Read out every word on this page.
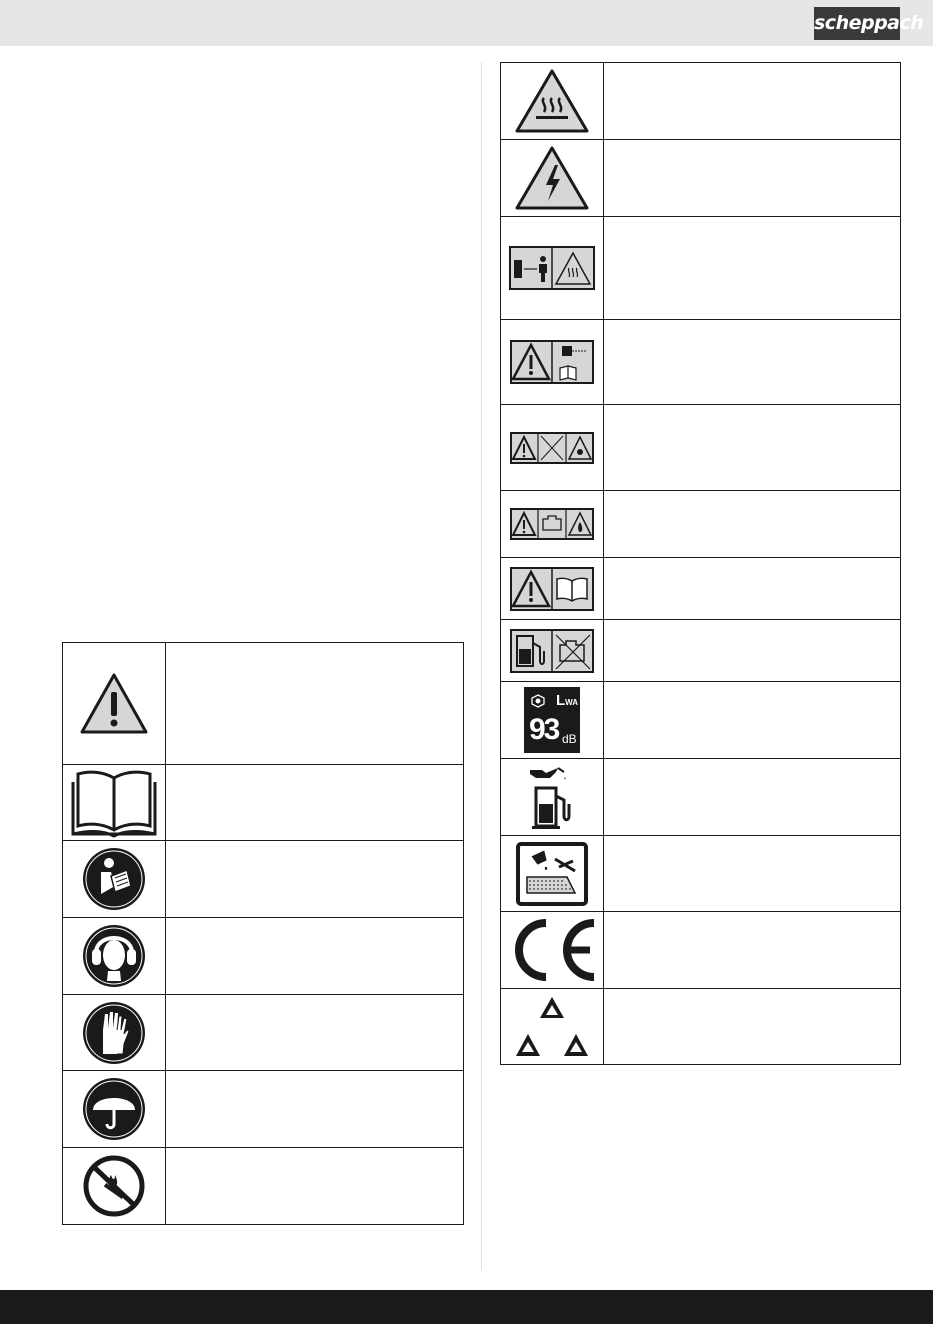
scheppach

LWA
93 dB	
